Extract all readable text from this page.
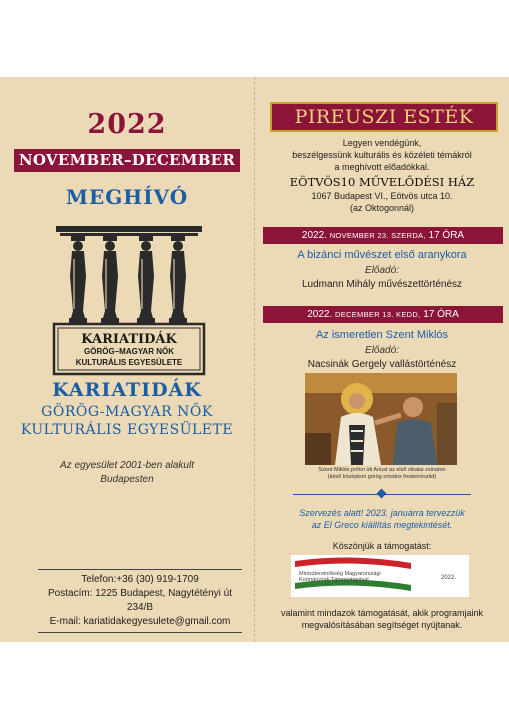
2022
NOVEMBER–DECEMBER
MEGHÍVÓ
KARIATIDÁK
GÖRÖG–MAGYAR NŐK
KULTURÁLIS EGYESÜLETE
KARIATIDÁK
GÖRÖG-MAGYAR NŐK
KULTURÁLIS EGYESÜLETE
Az egyesület 2001-ben alakult
Budapesten
Telefon:+36 (30) 919-1709
Postacím: 1225 Budapest, Nagytétényi út 234/B
E-mail: kariatidakegyesulete@gmail.com
PIREUSZI ESTÉK
Legyen vendégünk,
beszélgessünk kulturális és közéleti témákról
a meghívott előadókkal.
EÖTVÖS10 MŰVELŐDÉSI HÁZ
1067 Budapest VI., Eötvös utca 10.
(az Oktogonnál)
2022. NOVEMBER 23. SZERDA, 17 ÓRA
A bizánci művészet első aranykora
Előadó:
Ludmann Mihály művészettörténész
2022. DECEMBER 13. KEDD, 17 ÓRA
Az ismeretlen Szent Miklós
Előadó:
Nacsinák Gergely vallástörténész
Szent Miklós pofon üti Ariust az első nikaiai zsinaton
(késő középkori görög ortodox freskórészlet)
Szervezés alatt! 2023. januárra tervezzük
az El Greco kiállítás megtekintését.
Köszönjük a támogatást:
Miniszterelnökség Magyarországi
Kormányzati Támogatásával	2022.
valamint mindazok támogatását, akik programjaink
megvalósításában segítséget nyújtanak.
